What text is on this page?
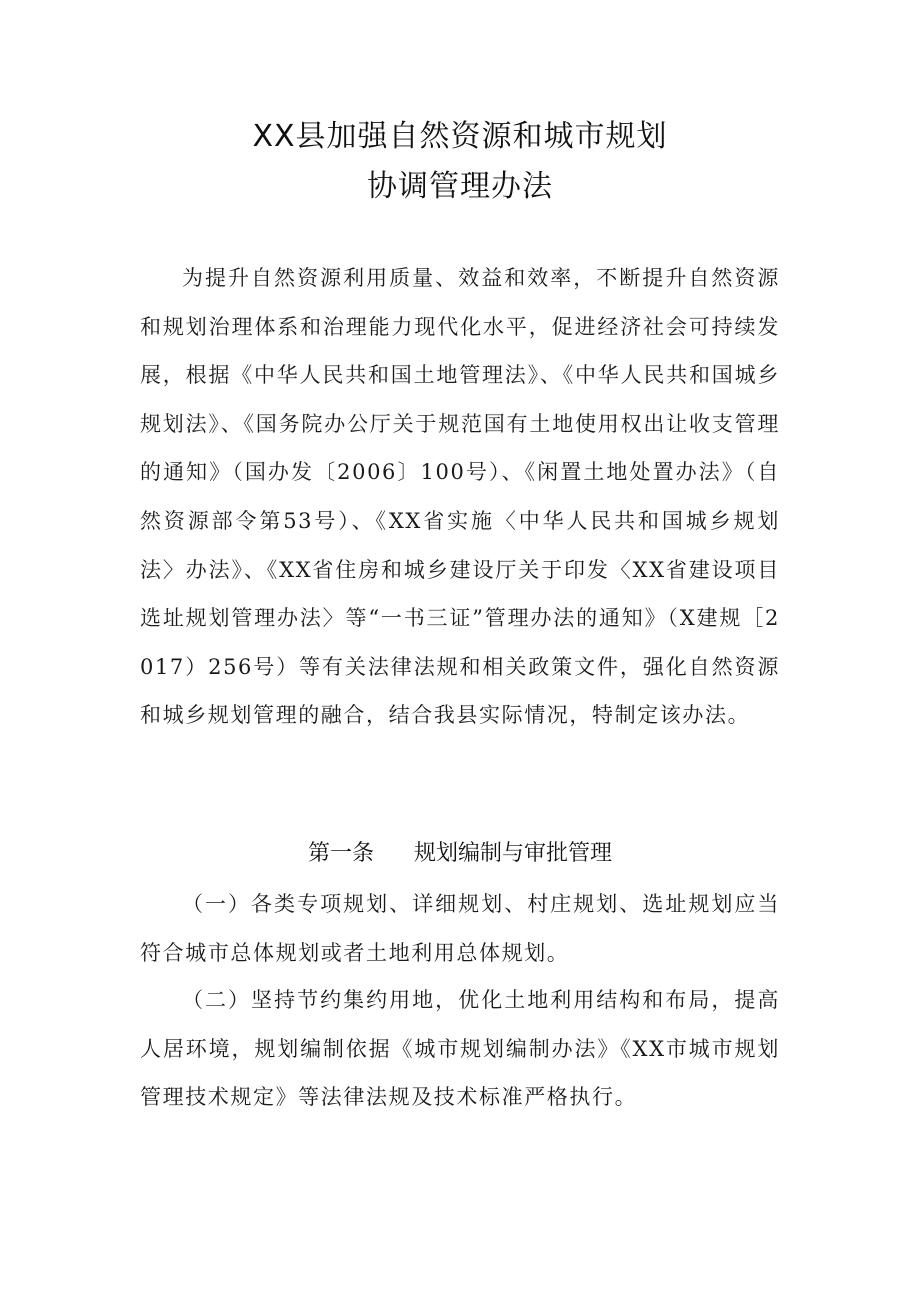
XX县加强自然资源和城市规划
协调管理办法

为提升自然资源利用质量、效益和效率，不断提升自然资源和规划治理体系和治理能力现代化水平，促进经济社会可持续发展，根据《中华人民共和国土地管理法》、《中华人民共和国城乡规划法》、《国务院办公厅关于规范国有土地使用权出让收支管理的通知》（国办发〔2006〕100号）、《闲置土地处置办法》（自然资源部令第53号）、《XX省实施〈中华人民共和国城乡规划法〉办法》、《XX省住房和城乡建设厅关于印发〈XX省建设项目选址规划管理办法〉等“一书三证”管理办法的通知》（X建规［2017）256号）等有关法律法规和相关政策文件，强化自然资源和城乡规划管理的融合，结合我县实际情况，特制定该办法。

第一条 规划编制与审批管理

（一）各类专项规划、详细规划、村庄规划、选址规划应当符合城市总体规划或者土地利用总体规划。

（二）坚持节约集约用地，优化土地利用结构和布局，提高人居环境，规划编制依据《城市规划编制办法》《XX市城市规划管理技术规定》等法律法规及技术标准严格执行。
